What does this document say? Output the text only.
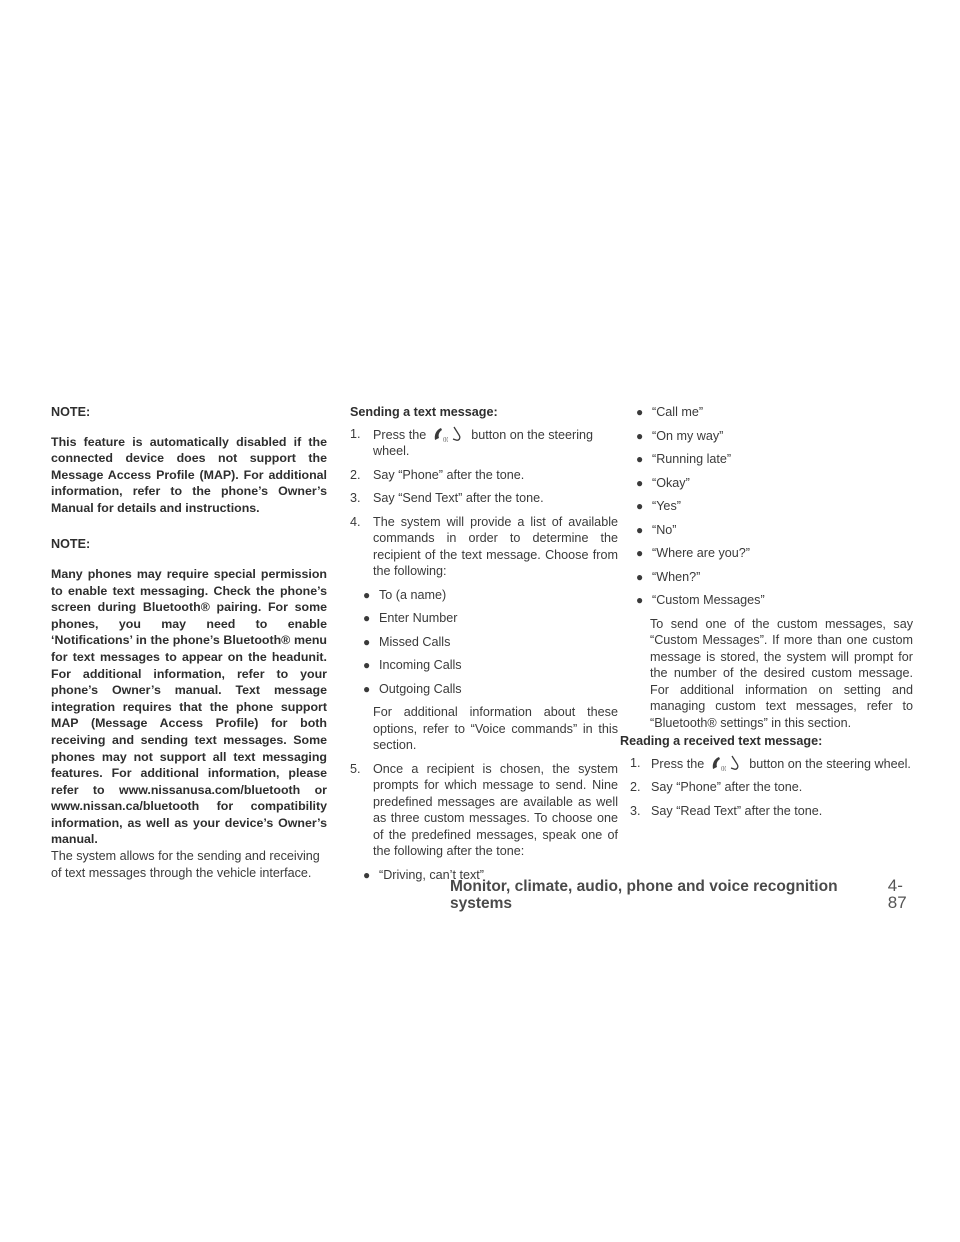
NOTE:

This feature is automatically disabled if the connected device does not support the Message Access Profile (MAP). For additional information, refer to the phone’s Owner’s Manual for details and instructions.

NOTE:

Many phones may require special permission to enable text messaging. Check the phone’s screen during Bluetooth® pairing. For some phones, you may need to enable ‘Notifications’ in the phone’s Bluetooth® menu for text messages to appear on the headunit. For additional information, refer to your phone’s Owner’s manual. Text message integration requires that the phone support MAP (Message Access Profile) for both receiving and sending text messages. Some phones may not support all text messaging features. For additional information, please refer to www.nissanusa.com/bluetooth or www.nissan.ca/bluetooth for compatibility information, as well as your device’s Owner’s manual.

The system allows for the sending and receiving of text messages through the vehicle interface.

Sending a text message:

1. Press the	((( button on the steering wheel.
2. Say “Phone” after the tone.
3. Say “Send Text” after the tone.
4. The system will provide a list of available commands in order to determine the recipient of the text message. Choose from the following:
● To (a name)
● Enter Number
● Missed Calls
● Incoming Calls
● Outgoing Calls

For additional information about these options, refer to “Voice commands” in this section.

5. Once a recipient is chosen, the system prompts for which message to send. Nine predefined messages are available as well as three custom messages. To choose one of the predefined messages, speak one of the following after the tone:
● “Driving, can’t text”
● “Call me”
● “On my way”
● “Running late”
● “Okay”
● “Yes”
● “No”
● “Where are you?”
● “When?”
● “Custom Messages”

To send one of the custom messages, say “Custom Messages”. If more than one custom message is stored, the system will prompt for the number of the desired custom message. For additional information on setting and managing custom text messages, refer to “Bluetooth® settings” in this section.

Reading a received text message:

1. Press the	((( button on the steering wheel.
2. Say “Phone” after the tone.
3. Say “Read Text” after the tone.
Monitor, climate, audio, phone and voice recognition systems
4-87
